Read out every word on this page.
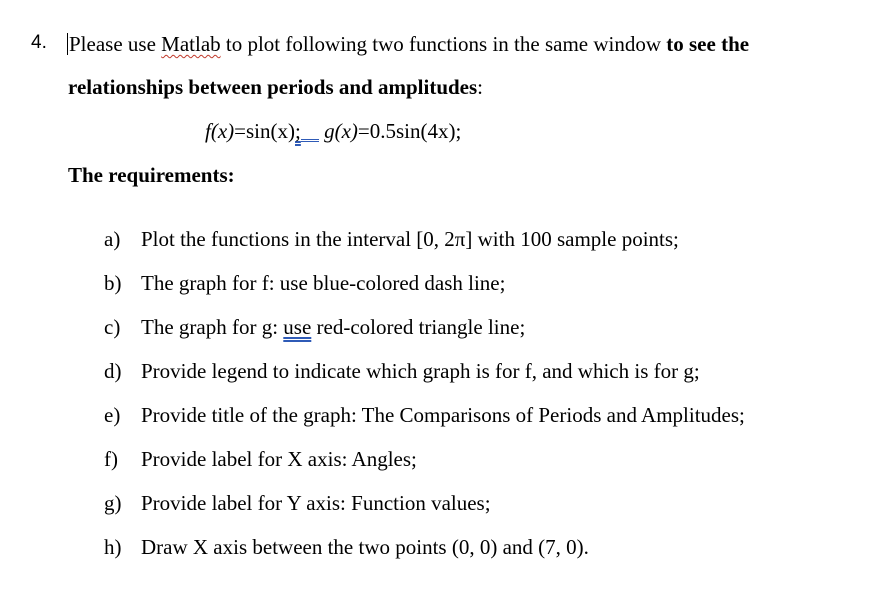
4. Please use Matlab to plot following two functions in the same window to see the
relationships between periods and amplitudes:
f(x)=sin(x); g(x)=0.5sin(4x);
The requirements:
a) Plot the functions in the interval [0, 2π] with 100 sample points;
b) The graph for f: use blue-colored dash line;
c) The graph for g: use red-colored triangle line;
d) Provide legend to indicate which graph is for f, and which is for g;
e) Provide title of the graph: The Comparisons of Periods and Amplitudes;
f) Provide label for X axis: Angles;
g) Provide label for Y axis: Function values;
h) Draw X axis between the two points (0, 0) and (7, 0).
